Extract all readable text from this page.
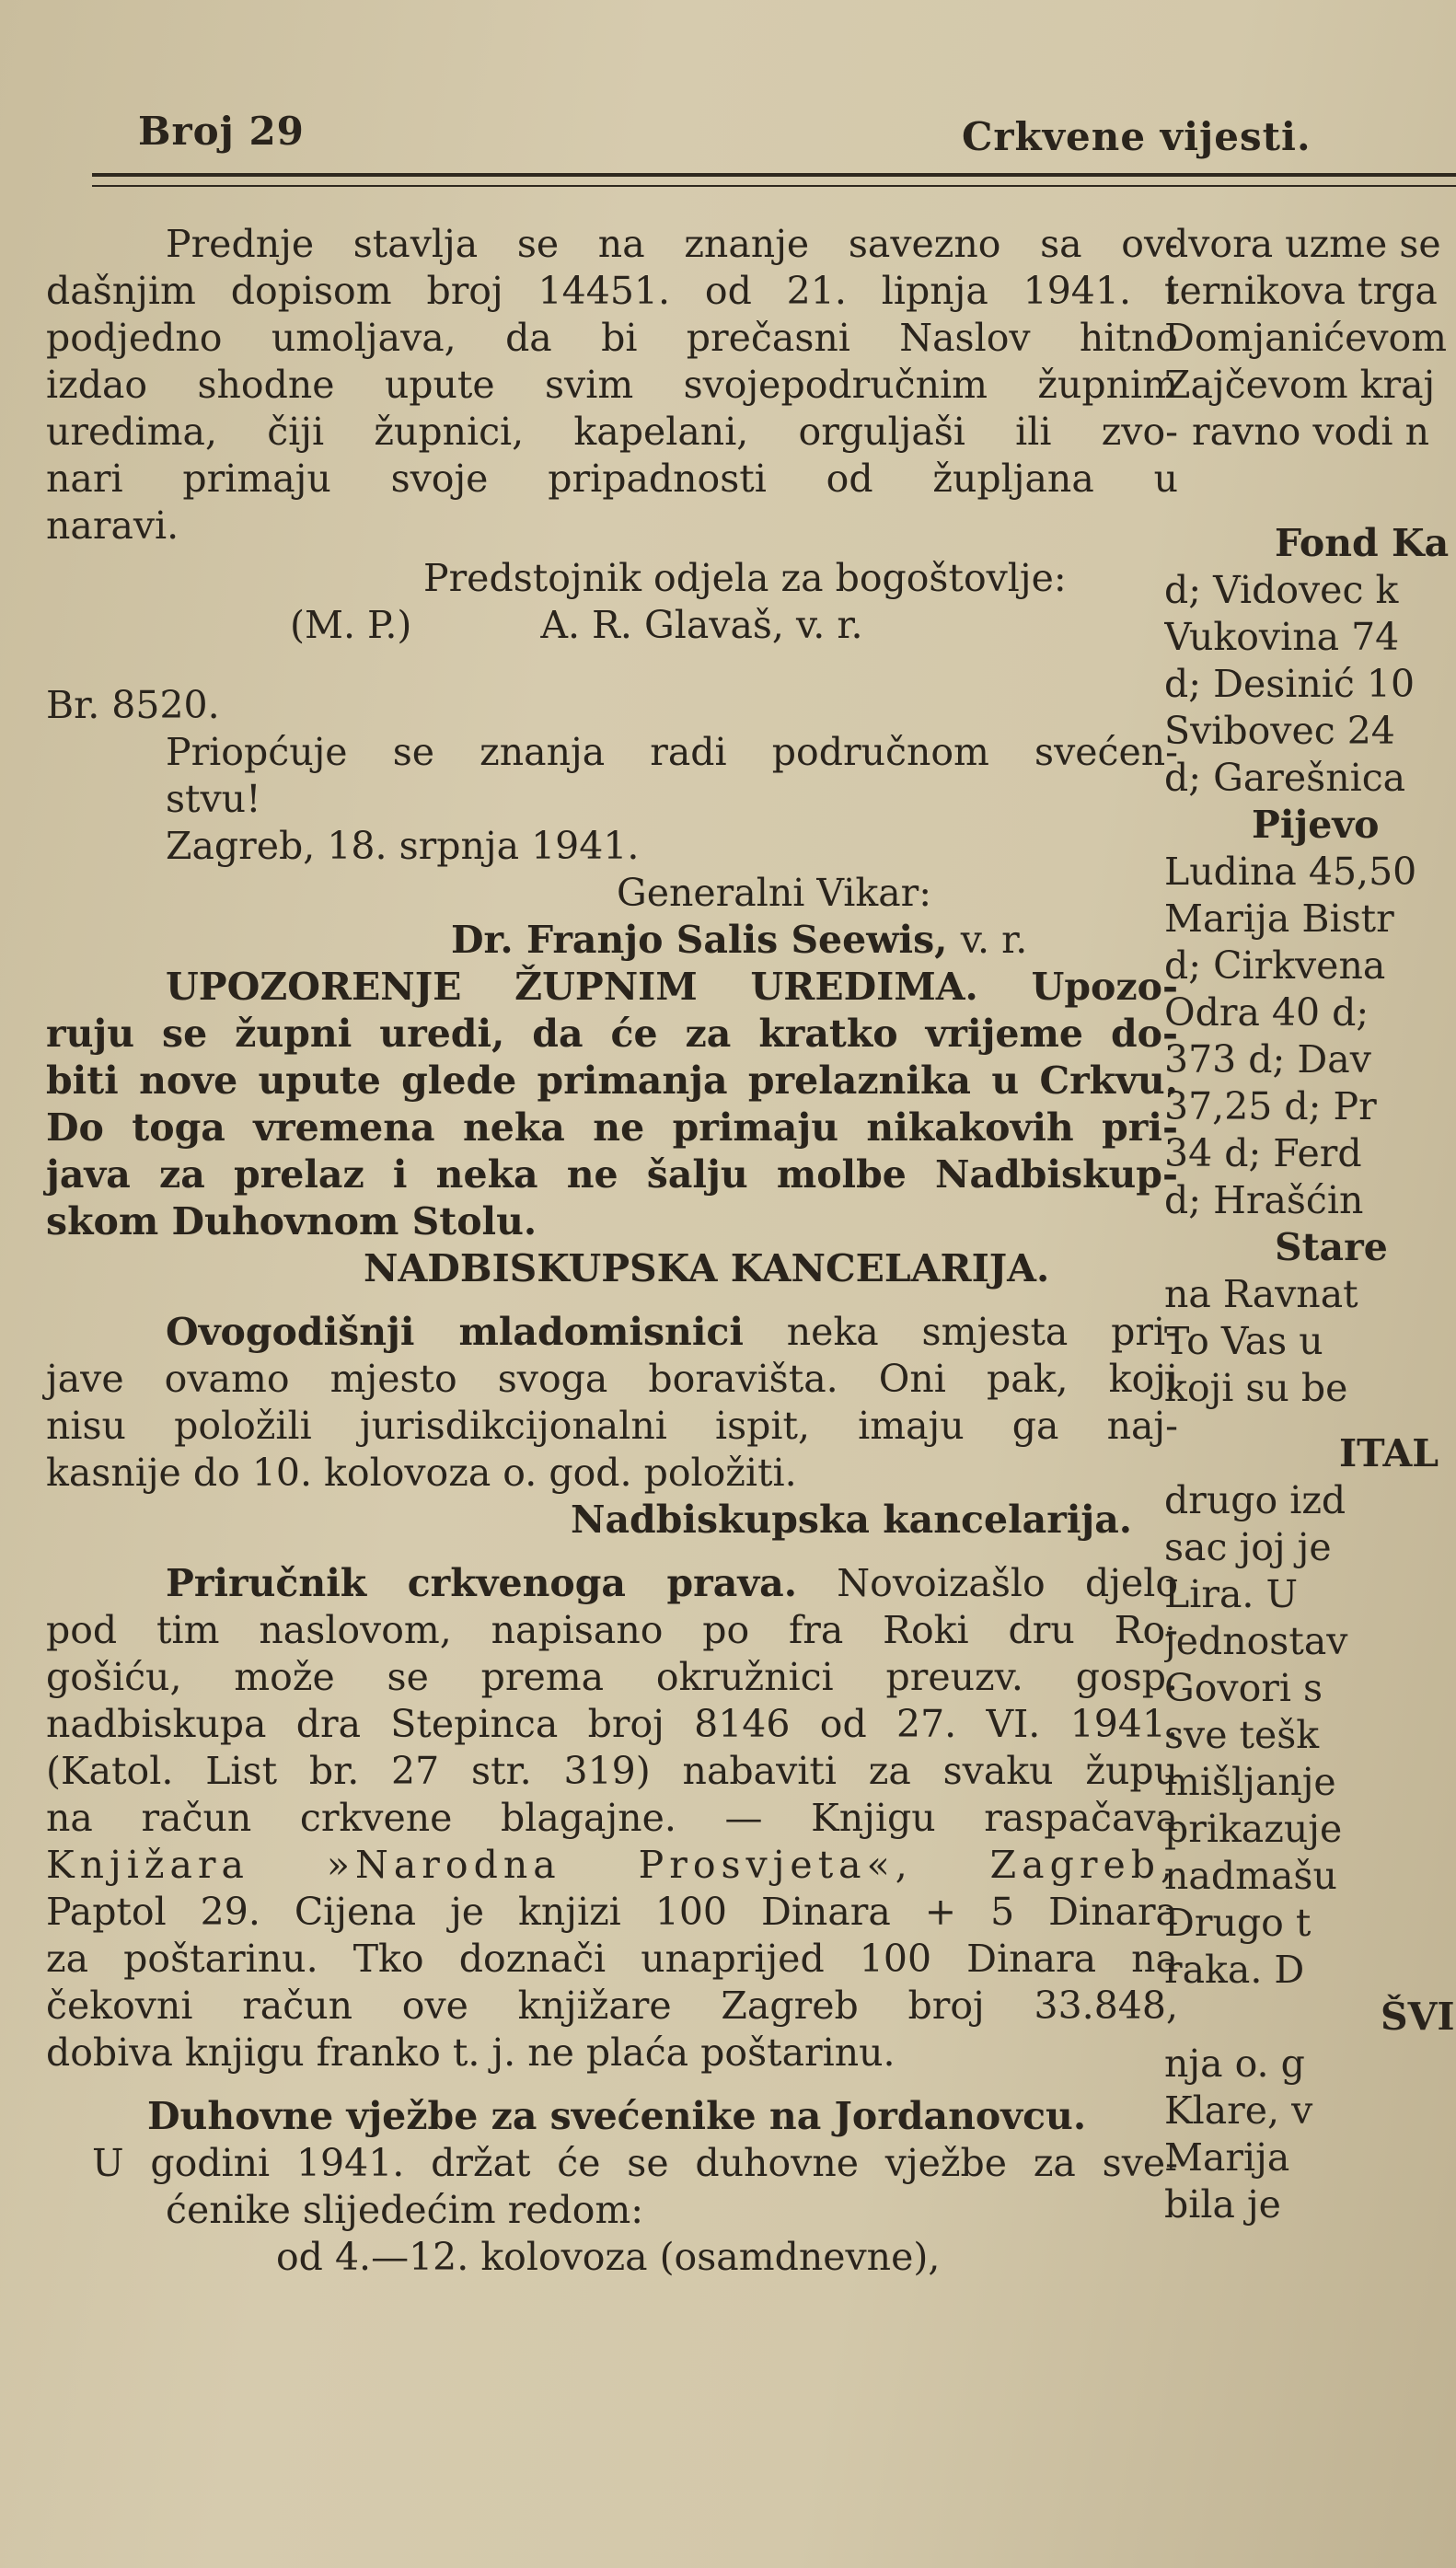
Broj 29	Crkvene vijesti.

Prednje stavlja se na znanje savezno sa ov-

dašnjim dopisom broj 14451. od 21. lipnja 1941. i

podjedno umoljava, da bi prečasni Naslov hitno

izdao shodne upute svim svojepodručnim župnim

uredima, čiji župnici, kapelani, orguljaši ili zvo-

nari primaju svoje pripadnosti od župljana u

naravi.

Predstojnik odjela za bogoštovlje:

(M. P.)	A. R. Glavaš, v. r.

Br. 8520.

Priopćuje se znanja radi područnom svećen-

stvu!

Zagreb, 18. srpnja 1941.

Generalni Vikar:

Dr. Franjo Salis Seewis, v. r.

UPOZORENJE ŽUPNIM UREDIMA. Upozo-

ruju se župni uredi, da će za kratko vrijeme do-

biti nove upute glede primanja prelaznika u Crkvu.

Do toga vremena neka ne primaju nikakovih pri-

java za prelaz i neka ne šalju molbe Nadbiskup-

skom Duhovnom Stolu.

NADBISKUPSKA KANCELARIJA.

Ovogodišnji mladomisnici neka smjesta pri-

jave ovamo mjesto svoga boravišta. Oni pak, koji

nisu položili jurisdikcijonalni ispit, imaju ga naj-

kasnije do 10. kolovoza o. god. položiti.

Nadbiskupska kancelarija.

Priručnik crkvenoga prava. Novoizašlo djelo

pod tim naslovom, napisano po fra Roki dru Ro-

gošiću, može se prema okružnici preuzv. gosp.

nadbiskupa dra Stepinca broj 8146 od 27. VI. 1941.

(Katol. List br. 27 str. 319) nabaviti za svaku župu

na račun crkvene blagajne. — Knjigu raspačava

Knjižara »Narodna Prosvjeta«, Zagreb,

Paptol 29. Cijena je knjizi 100 Dinara + 5 Dinara

za poštarinu. Tko doznači unaprijed 100 Dinara na

čekovni račun ove knjižare Zagreb broj 33.848,

dobiva knjigu franko t. j. ne plaća poštarinu.

Duhovne vježbe za svećenike na Jordanovcu.

U godini 1941. držat će se duhovne vježbe za sve-

ćenike slijedećim redom:

od 4.—12. kolovoza (osamdnevne),

dvora uzme se

ternikova trga

Domjanićevom

Zajčevom kraj

ravno vodi n

Fond Ka

d; Vidovec k

Vukovina 74

d; Desinić 10

Svibovec 24

d; Garešnica

Pijevo

Ludina 45,50

Marija Bistr

d; Cirkvena

Odra 40 d;

373 d; Dav

37,25 d; Pr

34 d; Ferd

d; Hrašćin

Stare

na Ravnat

To Vas u

koji su be

ITAL

drugo izd

sac joj je

Lira. U

jednostav

Govori s

sve tešk

mišljanje

prikazuje

nadmašu

Drugo t

raka. D

ŠVI

nja o. g

Klare, v

Marija

bila je
